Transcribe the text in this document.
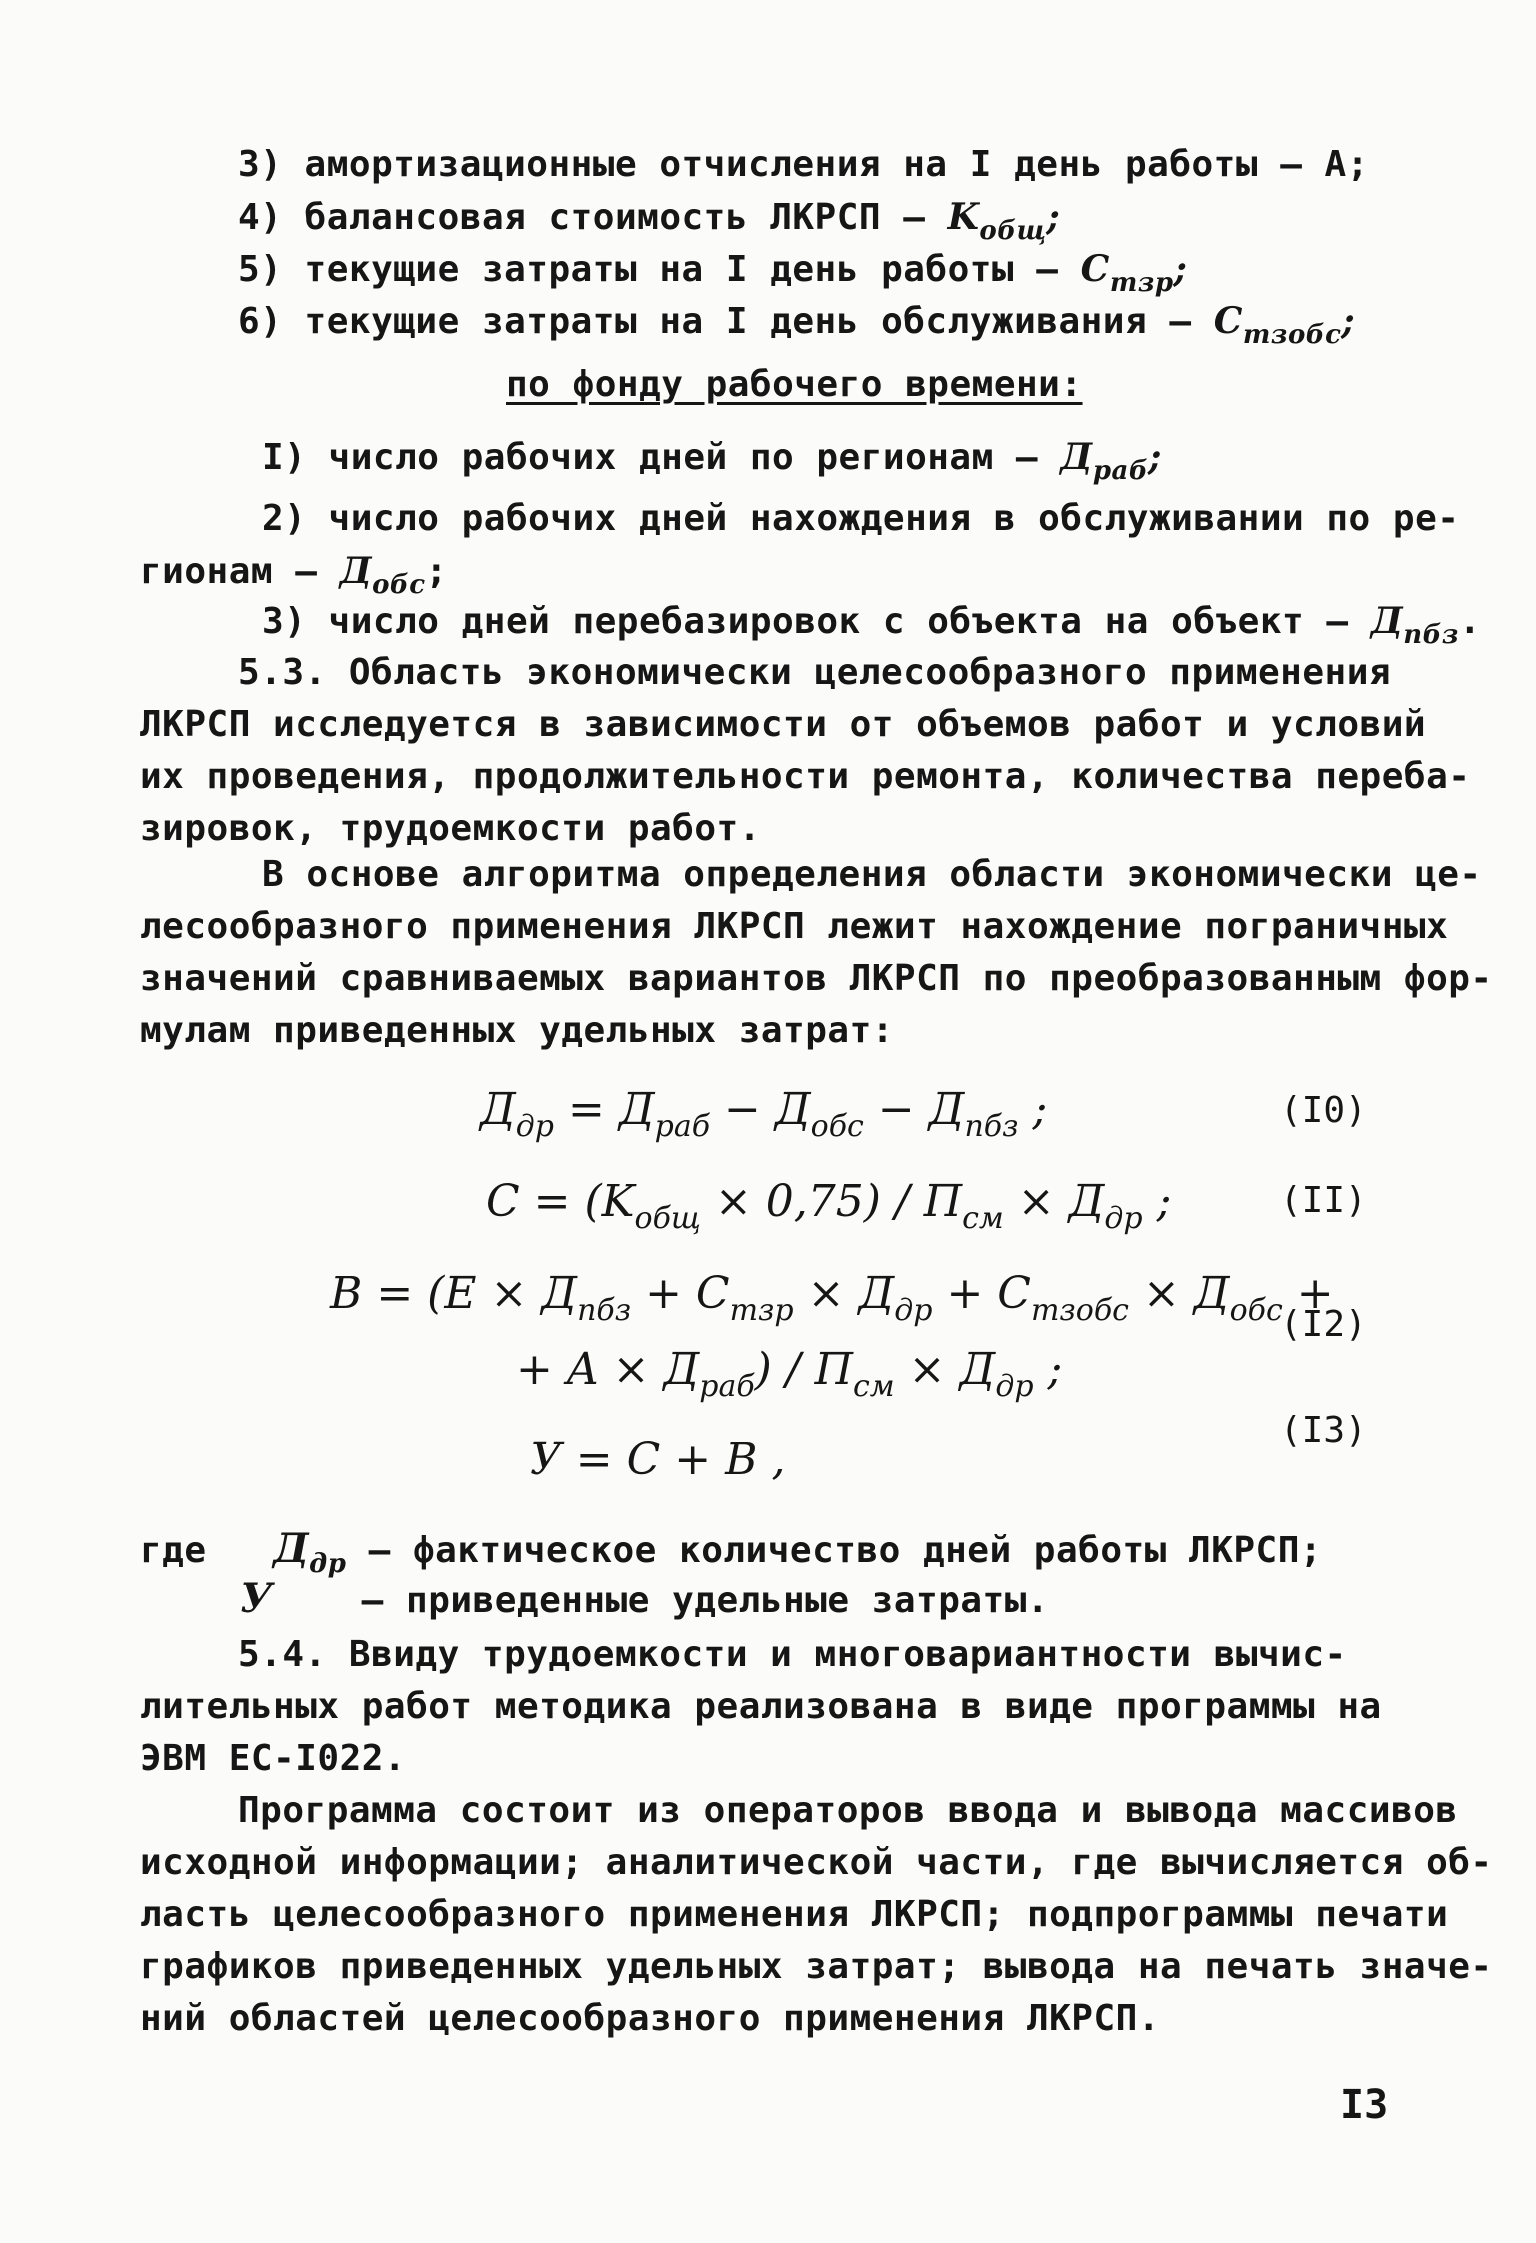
3) амортизационные отчисления на I день работы – А;
4) балансовая стоимость ЛКРСП – $K_{общ}$;
5) текущие затраты на I день работы – $C_{тзр}$;
6) текущие затраты на I день обслуживания – $C_{тзобс}$;
по фонду рабочего времени:
I) число рабочих дней по регионам – $Д_{раб}$;
2) число рабочих дней нахождения в обслуживании по ре-
гионам – $Д_{обс}$;
3) число дней перебазировок с объекта на объект – $Д_{пбз}$.
5.3. Область экономически целесообразного применения
ЛКРСП исследуется в зависимости от объемов работ и условий
их проведения, продолжительности ремонта, количества переба-
зировок, трудоемкости работ.
В основе алгоритма определения области экономически це-
лесообразного применения ЛКРСП лежит нахождение пограничных
значений сравниваемых вариантов ЛКРСП по преобразованным фор-
мулам приведенных удельных затрат:
$Д_{др} = Д_{раб} - Д_{обс} - Д_{пбз}$ ;	(I0)
$C = (K_{общ} \times 0,75) / П_{см} \times Д_{др}$ ;	(II)
$B = (E \times Д_{пбз} + C_{тзр} \times Д_{др} + C_{тзобс} \times Д_{обс}$ +
+ $A \times Д_{раб}) / П_{см} \times Д_{др}$ ;
(I2)
У = C + B ,
(I3)
где $Д_{др}$ – фактическое количество дней работы ЛКРСП;
У – приведенные удельные затраты.
5.4. Ввиду трудоемкости и многовариантности вычис-
лительных работ методика реализована в виде программы на
ЭВМ ЕС-I022.
Программа состоит из операторов ввода и вывода массивов
исходной информации; аналитической части, где вычисляется об-
ласть целесообразного применения ЛКРСП; подпрограммы печати
графиков приведенных удельных затрат; вывода на печать значе-
ний областей целесообразного применения ЛКРСП.
I3
